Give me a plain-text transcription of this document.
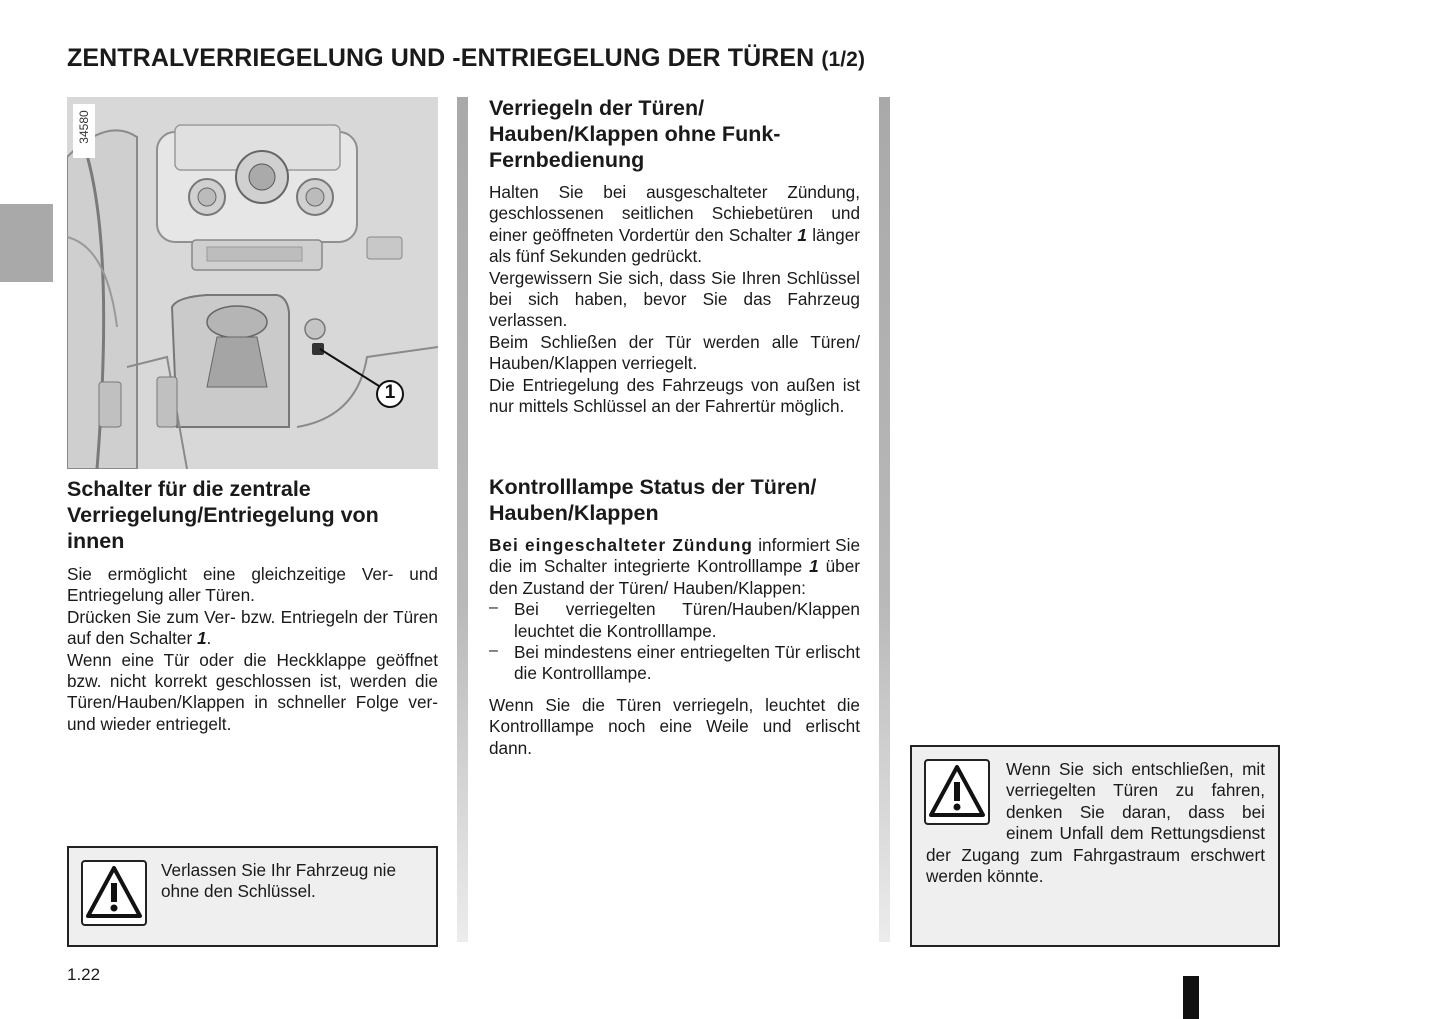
ZENTRALVERRIEGELUNG UND -ENTRIEGELUNG DER TÜREN (1/2)
1
34580
Schalter für die zentrale Verriegelung/Entriegelung von innen

Sie ermöglicht eine gleichzeitige Ver- und Entriegelung aller Türen.

Drücken Sie zum Ver- bzw. Entriegeln der Türen auf den Schalter 1.

Wenn eine Tür oder die Heckklappe geöffnet bzw. nicht korrekt geschlossen ist, werden die Türen/Hauben/Klappen in schneller Folge ver- und wieder entriegelt.

Verlassen Sie Ihr Fahrzeug nie ohne den Schlüssel.
Verriegeln der Türen/ Hauben/Klappen ohne Funk-Fernbedienung

Halten Sie bei ausgeschalteter Zündung, geschlossenen seitlichen Schiebetüren und einer geöffneten Vordertür den Schalter 1 länger als fünf Sekunden gedrückt.

Vergewissern Sie sich, dass Sie Ihren Schlüssel bei sich haben, bevor Sie das Fahrzeug verlassen.

Beim Schließen der Tür werden alle Türen/ Hauben/Klappen verriegelt.

Die Entriegelung des Fahrzeugs von außen ist nur mittels Schlüssel an der Fahrertür möglich.

Kontrolllampe Status der Türen/ Hauben/Klappen

Bei eingeschalteter Zündung informiert Sie die im Schalter integrierte Kontrolllampe 1 über den Zustand der Türen/ Hauben/Klappen:

– Bei verriegelten Türen/Hauben/Klappen leuchtet die Kontrolllampe.

– Bei mindestens einer entriegelten Tür erlischt die Kontrolllampe.

Wenn Sie die Türen verriegeln, leuchtet die Kontrolllampe noch eine Weile und erlischt dann.

Wenn Sie sich entschließen, mit verriegelten Türen zu fahren, denken Sie daran, dass bei einem Unfall dem Rettungsdienst der Zugang zum Fahrgastraum erschwert werden könnte.
1.22
